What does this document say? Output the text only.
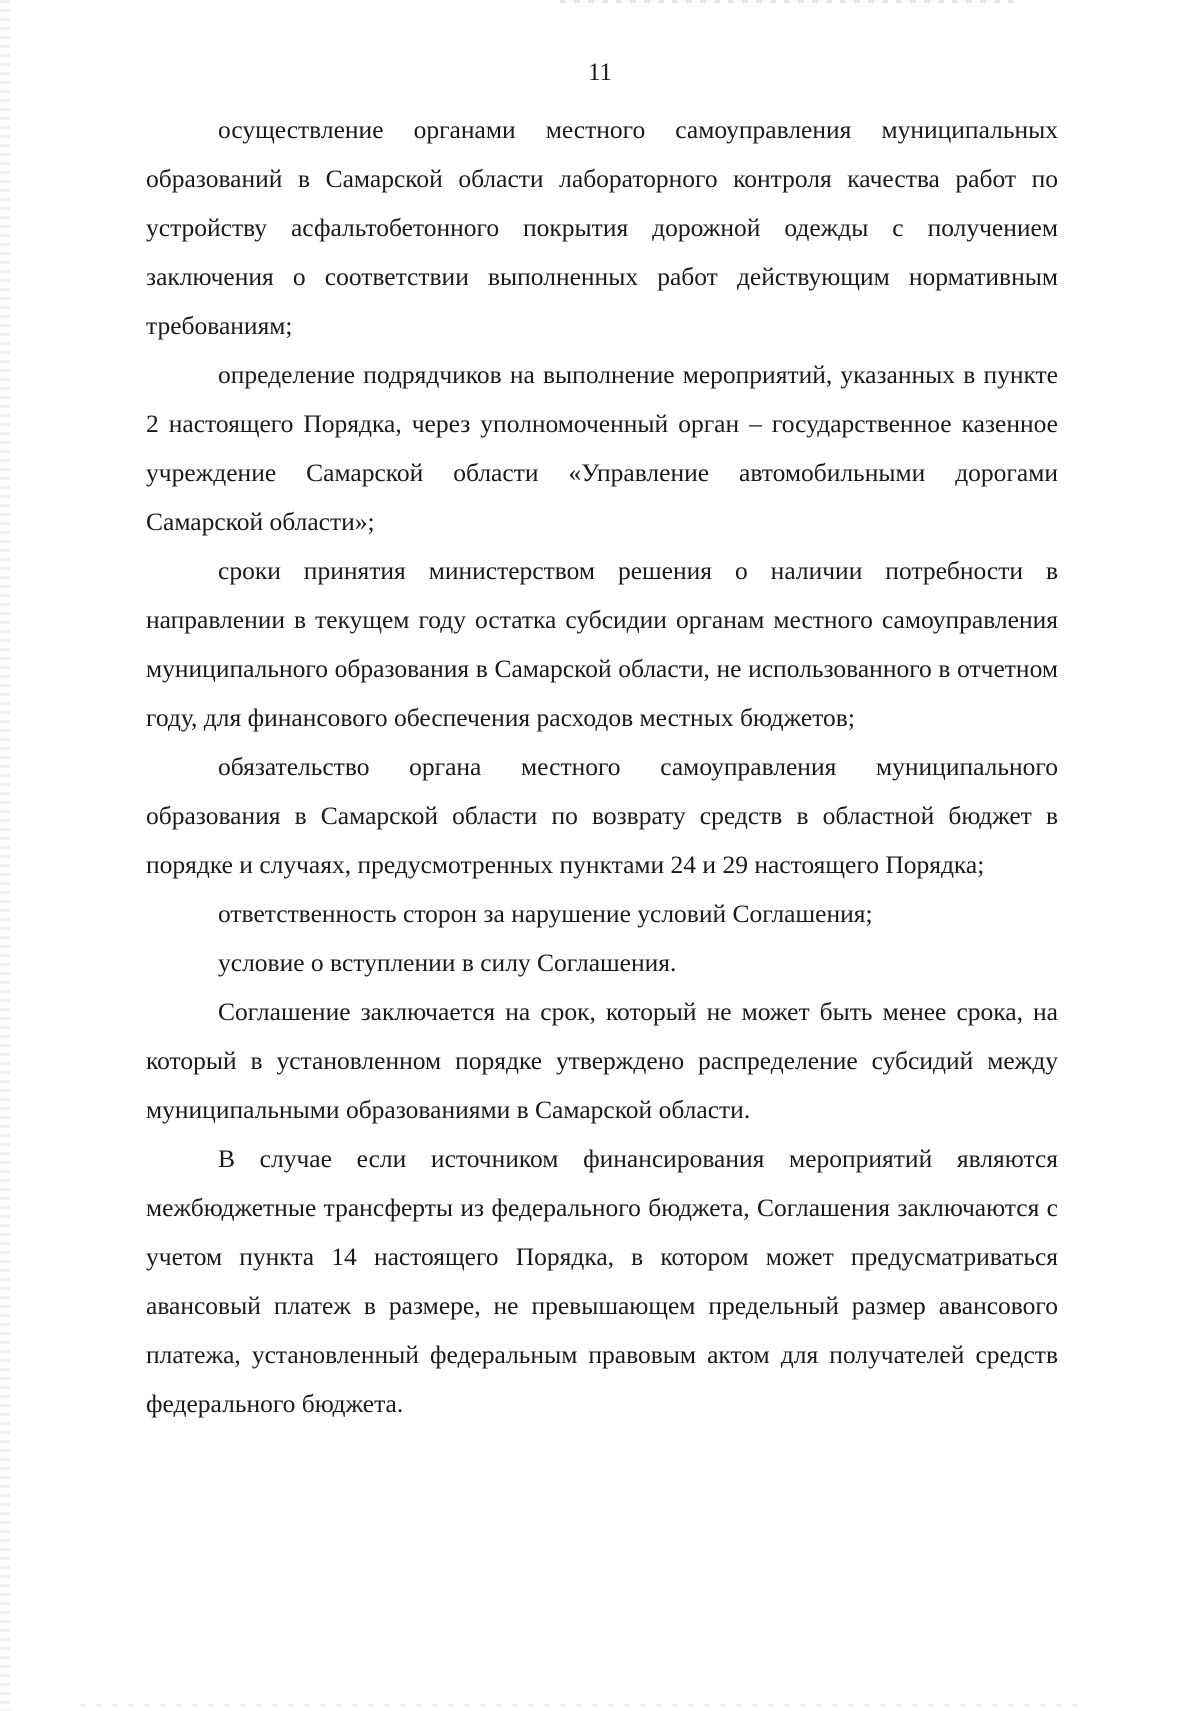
11

осуществление органами местного самоуправления муниципальных образований в Самарской области лабораторного контроля качества работ по устройству асфальтобетонного покрытия дорожной одежды с получением заключения о соответствии выполненных работ действующим нормативным требованиям;

определение подрядчиков на выполнение мероприятий, указанных в пункте 2 настоящего Порядка, через уполномоченный орган – государственное казенное учреждение Самарской области «Управление автомобильными дорогами Самарской области»;

сроки принятия министерством решения о наличии потребности в направлении в текущем году остатка субсидии органам местного самоуправления муниципального образования в Самарской области, не использованного в отчетном году, для финансового обеспечения расходов местных бюджетов;

обязательство органа местного самоуправления муниципального образования в Самарской области по возврату средств в областной бюджет в порядке и случаях, предусмотренных пунктами 24 и 29 настоящего Порядка;

ответственность сторон за нарушение условий Соглашения;

условие о вступлении в силу Соглашения.

Соглашение заключается на срок, который не может быть менее срока, на который в установленном порядке утверждено распределение субсидий между муниципальными образованиями в Самарской области.

В случае если источником финансирования мероприятий являются межбюджетные трансферты из федерального бюджета, Соглашения заключаются с учетом пункта 14 настоящего Порядка, в котором может предусматриваться авансовый платеж в размере, не превышающем предельный размер авансового платежа, установленный федеральным правовым актом для получателей средств федерального бюджета.
